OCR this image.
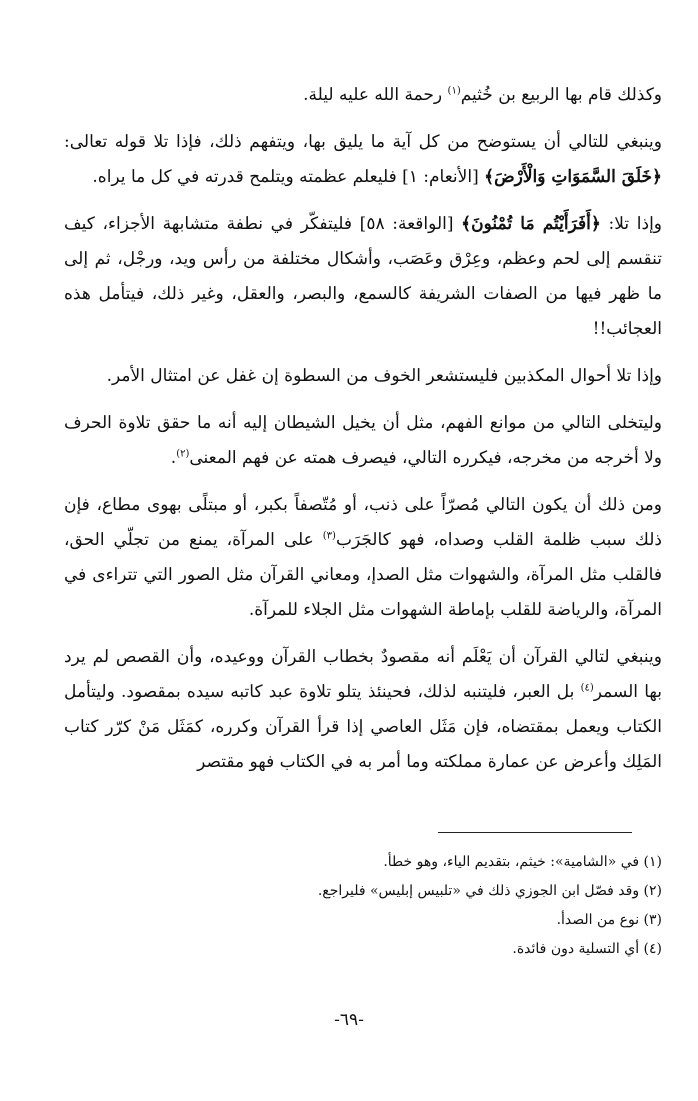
وكذلك قام بها الربيع بن خُثيم$^{(١)}$ رحمة الله عليه ليلة.

وينبغي للتالي أن يستوضح من كل آية ما يليق بها، ويتفهم ذلك، فإذا تلا قوله تعالى: ﴿خَلَقَ السَّمَوَاتِ وَالْأَرْضَ﴾ [الأنعام: ١] فليعلم عظمته ويتلمح قدرته في كل ما يراه.

وإذا تلا: ﴿أَفَرَأَيْتُم مَا تُمْنُونَ﴾ [الواقعة: ٥٨] فليتفكّر في نطفة متشابهة الأجزاء، كيف تنقسم إلى لحم وعظم، وعِرْق وعَصَب، وأشكال مختلفة من رأس ويد، ورجْل، ثم إلى ما ظهر فيها من الصفات الشريفة كالسمع، والبصر، والعقل، وغير ذلك، فيتأمل هذه العجائب!!

وإذا تلا أحوال المكذبين فليستشعر الخوف من السطوة إن غفل عن امتثال الأمر.

وليتخلى التالي من موانع الفهم، مثل أن يخيل الشيطان إليه أنه ما حقق تلاوة الحرف ولا أخرجه من مخرجه، فيكرره التالي، فيصرف همته عن فهم المعنى$^{(٢)}$.

ومن ذلك أن يكون التالي مُصرّاً على ذنب، أو مُتّصفاً بكبر، أو مبتلًى بهوى مطاع، فإن ذلك سبب ظلمة القلب وصداه، فهو كالجَرَب$^{(٣)}$ على المرآة، يمنع من تجلّي الحق، فالقلب مثل المرآة، والشهوات مثل الصدإ، ومعاني القرآن مثل الصور التي تتراءى في المرآة، والرياضة للقلب بإماطة الشهوات مثل الجلاء للمرآة.

وينبغي لتالي القرآن أن يَعْلَم أنه مقصودٌ بخطاب القرآن ووعيده، وأن القصص لم يرد بها السمر$^{(٤)}$ بل العبر، فليتنبه لذلك، فحينئذ يتلو تلاوة عبد كاتبه سيده بمقصود. وليتأمل الكتاب ويعمل بمقتضاه، فإن مَثَل العاصي إذا قرأ القرآن وكرره، كمَثَل مَنْ كرّر كتاب المَلِك وأعرض عن عمارة مملكته وما أمر به في الكتاب فهو مقتصر

(١) في «الشامية»: خيثم، بتقديم الياء، وهو خطأ.

(٢) وقد فصّل ابن الجوزي ذلك في «تلبيس إبليس» فليراجع.

(٣) نوع من الصدأ.

(٤) أي التسلية دون فائدة.

-٦٩-
